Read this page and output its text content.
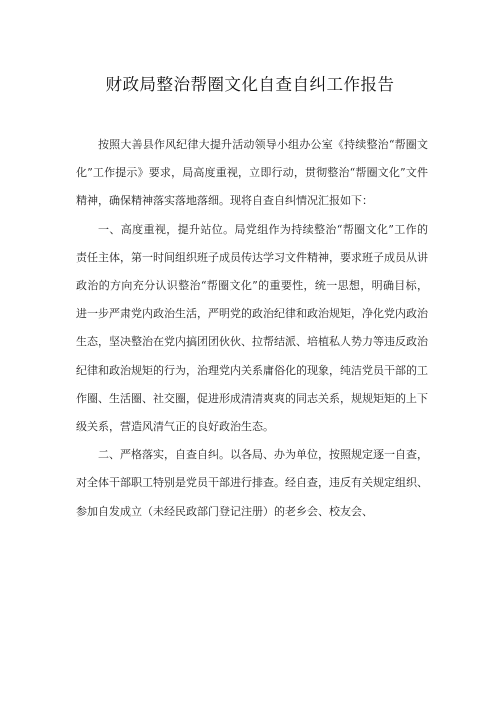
财政局整治帮圈文化自查自纠工作报告

按照大善县作风纪律大提升活动领导小组办公室《持续整治“帮圈文化”工作提示》要求，局高度重视，立即行动，贯彻整治“帮圈文化”文件精神，确保精神落实落地落细。现将自查自纠情况汇报如下：

一、高度重视，提升站位。局党组作为持续整治“帮圈文化”工作的责任主体，第一时间组织班子成员传达学习文件精神，要求班子成员从讲政治的方向充分认识整治“帮圈文化”的重要性，统一思想，明确目标，进一步严肃党内政治生活，严明党的政治纪律和政治规矩，净化党内政治生态，坚决整治在党内搞团团伙伙、拉帮结派、培植私人势力等违反政治纪律和政治规矩的行为，治理党内关系庸俗化的现象，纯洁党员干部的工作圈、生活圈、社交圈，促进形成清清爽爽的同志关系，规规矩矩的上下级关系，营造风清气正的良好政治生态。

二、严格落实，自查自纠。以各局、办为单位，按照规定逐一自查，对全体干部职工特别是党员干部进行排查。经自查，违反有关规定组织、参加自发成立（未经民政部门登记注册）的老乡会、校友会、
